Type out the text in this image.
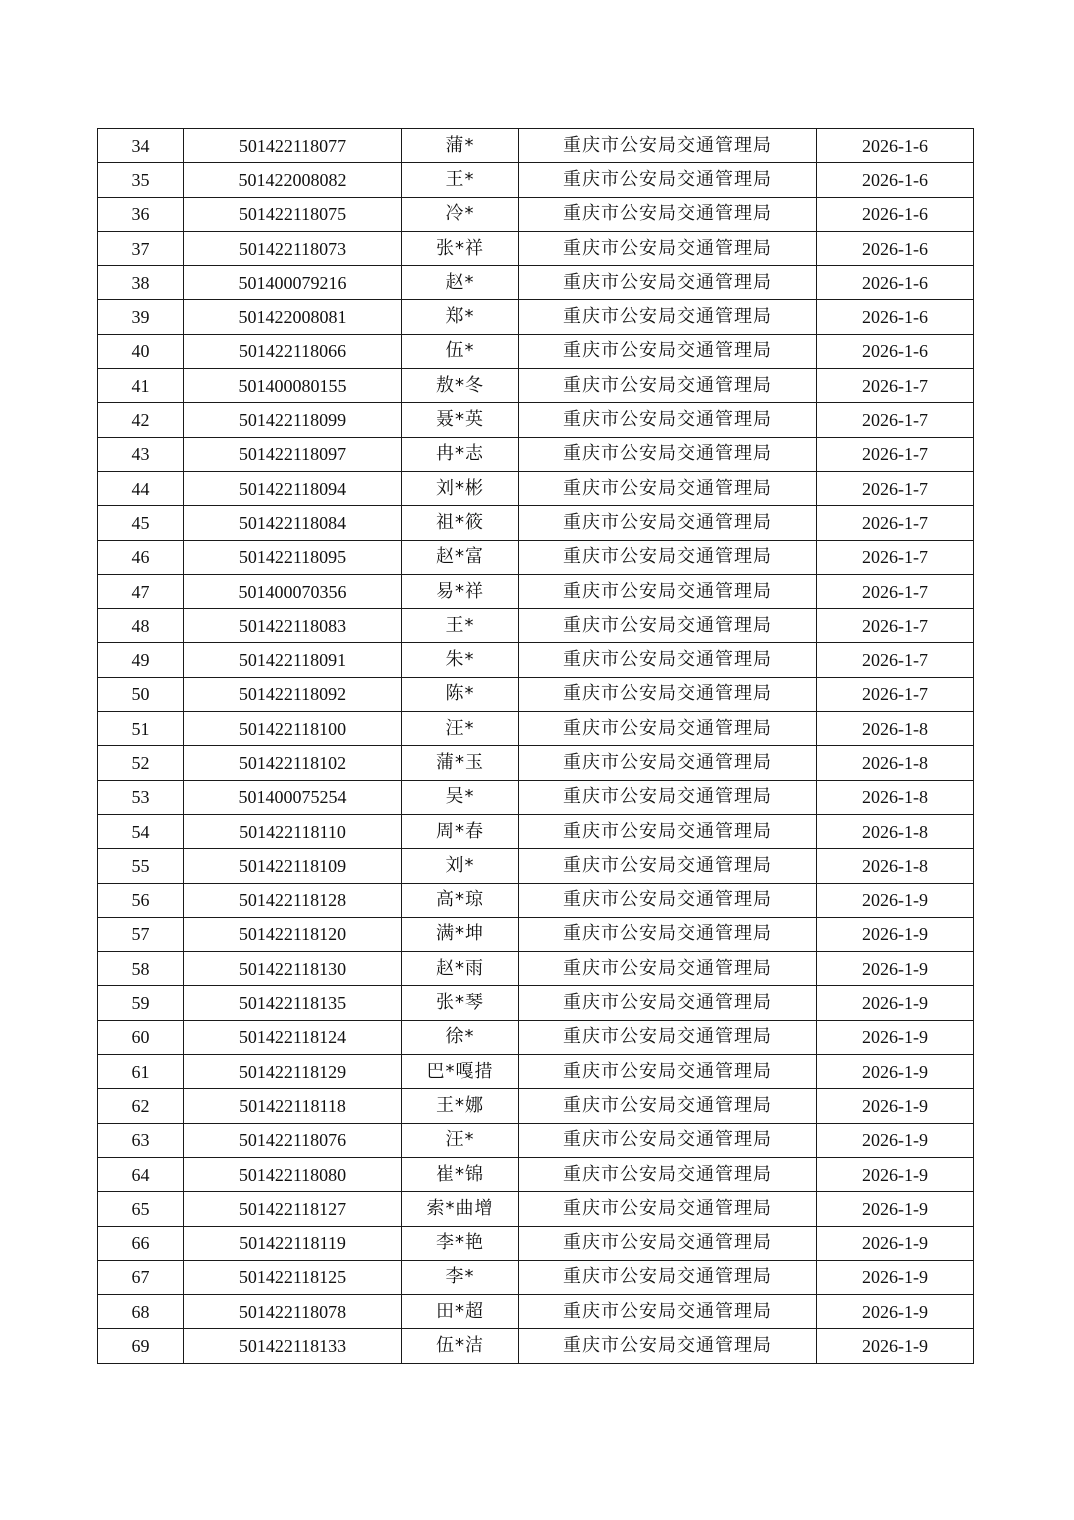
34	501422118077	蒲*	重庆市公安局交通管理局	2026-1-6
35	501422008082	王*	重庆市公安局交通管理局	2026-1-6
36	501422118075	冷*	重庆市公安局交通管理局	2026-1-6
37	501422118073	张*祥	重庆市公安局交通管理局	2026-1-6
38	501400079216	赵*	重庆市公安局交通管理局	2026-1-6
39	501422008081	郑*	重庆市公安局交通管理局	2026-1-6
40	501422118066	伍*	重庆市公安局交通管理局	2026-1-6
41	501400080155	敖*冬	重庆市公安局交通管理局	2026-1-7
42	501422118099	聂*英	重庆市公安局交通管理局	2026-1-7
43	501422118097	冉*志	重庆市公安局交通管理局	2026-1-7
44	501422118094	刘*彬	重庆市公安局交通管理局	2026-1-7
45	501422118084	祖*筱	重庆市公安局交通管理局	2026-1-7
46	501422118095	赵*富	重庆市公安局交通管理局	2026-1-7
47	501400070356	易*祥	重庆市公安局交通管理局	2026-1-7
48	501422118083	王*	重庆市公安局交通管理局	2026-1-7
49	501422118091	朱*	重庆市公安局交通管理局	2026-1-7
50	501422118092	陈*	重庆市公安局交通管理局	2026-1-7
51	501422118100	汪*	重庆市公安局交通管理局	2026-1-8
52	501422118102	蒲*玉	重庆市公安局交通管理局	2026-1-8
53	501400075254	吴*	重庆市公安局交通管理局	2026-1-8
54	501422118110	周*春	重庆市公安局交通管理局	2026-1-8
55	501422118109	刘*	重庆市公安局交通管理局	2026-1-8
56	501422118128	高*琼	重庆市公安局交通管理局	2026-1-9
57	501422118120	满*坤	重庆市公安局交通管理局	2026-1-9
58	501422118130	赵*雨	重庆市公安局交通管理局	2026-1-9
59	501422118135	张*琴	重庆市公安局交通管理局	2026-1-9
60	501422118124	徐*	重庆市公安局交通管理局	2026-1-9
61	501422118129	巴*嘎措	重庆市公安局交通管理局	2026-1-9
62	501422118118	王*娜	重庆市公安局交通管理局	2026-1-9
63	501422118076	汪*	重庆市公安局交通管理局	2026-1-9
64	501422118080	崔*锦	重庆市公安局交通管理局	2026-1-9
65	501422118127	索*曲增	重庆市公安局交通管理局	2026-1-9
66	501422118119	李*艳	重庆市公安局交通管理局	2026-1-9
67	501422118125	李*	重庆市公安局交通管理局	2026-1-9
68	501422118078	田*超	重庆市公安局交通管理局	2026-1-9
69	501422118133	伍*洁	重庆市公安局交通管理局	2026-1-9
